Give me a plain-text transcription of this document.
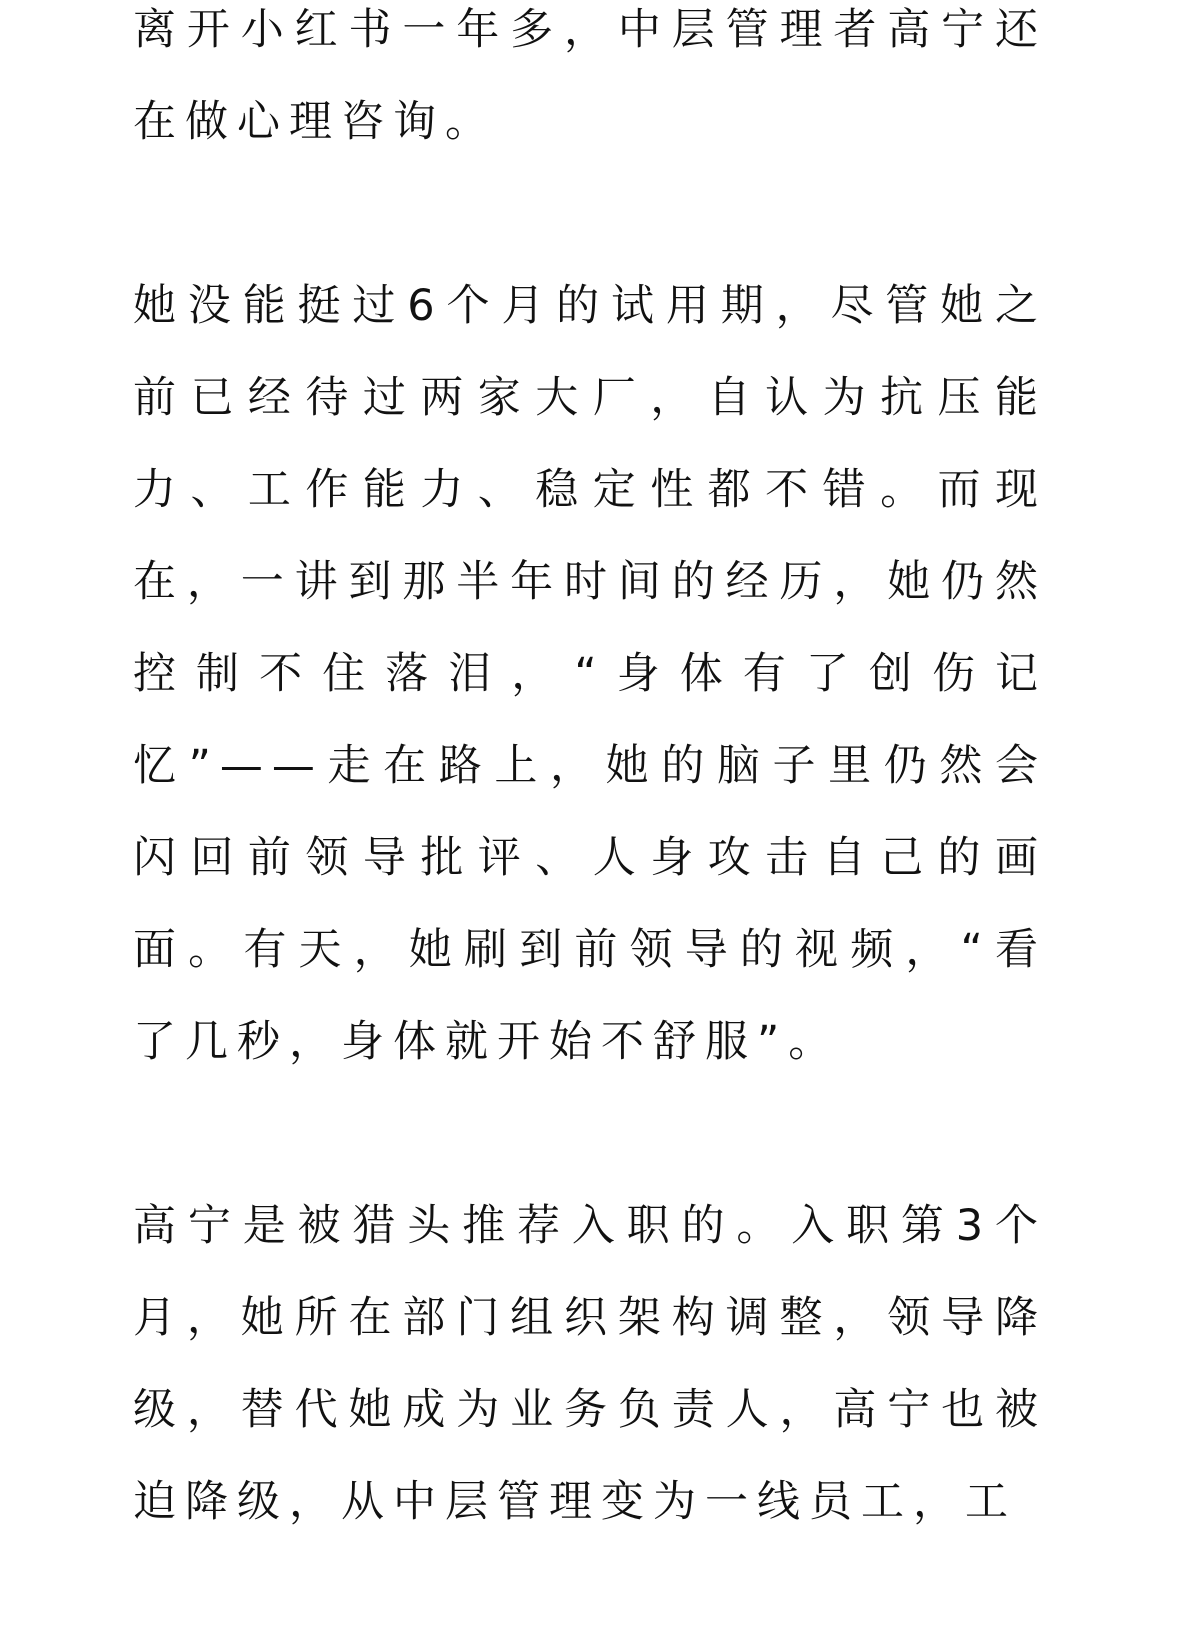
离开小红书一年多，中层管理者高宁还在做心理咨询。

她没能挺过6个月的试用期，尽管她之前已经待过两家大厂，自认为抗压能力、工作能力、稳定性都不错。而现在，一讲到那半年时间的经历，她仍然控制不住落泪，“身体有了创伤记忆”——走在路上，她的脑子里仍然会闪回前领导批评、人身攻击自己的画面。有天，她刷到前领导的视频，“看了几秒，身体就开始不舒服”。

高宁是被猎头推荐入职的。入职第3个月，她所在部门组织架构调整，领导降级，替代她成为业务负责人，高宁也被迫降级，从中层管理变为一线员工，工
